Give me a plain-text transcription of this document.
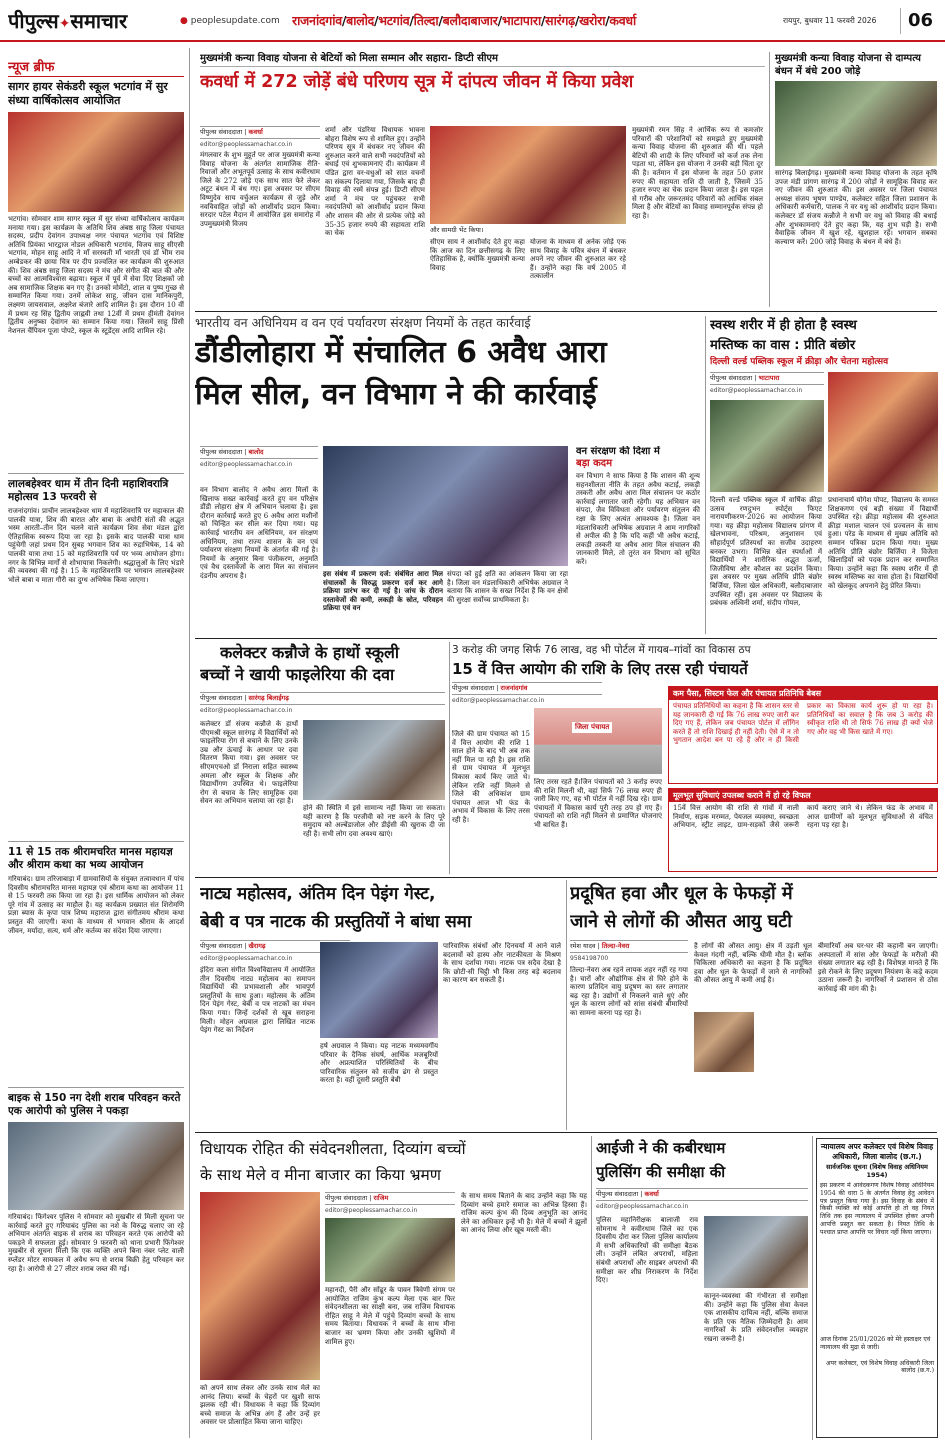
पीपुल्स✦समाचार	● peoplesupdate.com राजनांदगांव/बालोद/भटगांव/तिल्दा/बलौदाबाजार/भाटापारा/सारंगढ़/खरोरा/कवर्धा	रायपुर, बुधवार 11 फरवरी 2026	06
न्यूज ब्रीफ
सागर हायर सेकंडरी स्कूल भटगांव में सुर संध्या वार्षिकोत्सव आयोजित
भटगांव। सोमवार शाम सागर स्कूल में सुर संध्या वार्षिकोत्सव कार्यक्रम मनाया गया। इस कार्यक्रम के अतिथि शिव अंबष्ठ साहू जिला पंचायत सदस्य, प्रदीप देवांगन उपाध्यक्ष नगर पंचायत भटगांव एवं विशिष्ट अतिथि प्रियंका भारद्वाज नोडल अधिकारी भटगांव, विजय साहू सीएसी भटगांव, मोहन साहू आदि ने माँ सरस्वती माँ भारती एवं डॉ भीम राव अम्बेडकर की छाया चित्र पर दीप प्रज्वलित कर कार्यक्रम की शुरुआत की। शिव अंबष्ठ साहू जिला सदस्य ने मंच और संगीत की बात की और बच्चों का आत्मविश्वास बढ़ाया। स्कूल में पूर्व में सेवा दिए शिक्षकों जो अब सामाजिक शिक्षक बन गए है। उनको मोमेंटो, शाल व पुष्प गुच्छ से सम्मानित किया गया। उनमें लोकेश साहू, जीवन दास मानिकपुरी, लक्ष्मण जायसवाल, अक्षरेश बंजारे आदि शामिल है। इस दौरान 10 वीं में प्रथम रह सिंह द्वितीय जाह्नवी तथा 12वीं में प्रथम हीमंती देवांगन द्वितीय अनुष्का देवांगन का सम्मान किया गया। जिसमें साहू प्रिंसी नेशनल चैंपियन पूजा पोपटे, स्कूल के स्टूडेंट्स आदि शामिल रहे।
लालबहेश्वर धाम में तीन दिनी महाशिवरात्रि महोत्सव 13 फरवरी से
राजनांदगांव। प्राचीन लालबहेश्वर धाम में महाशिवरात्रि पर महाकाल की पालकी यात्रा, शिव की बारात और बाबा के अघोरी संतों की अद्भुत भस्म आरती–तीन दिन चलने वाले कार्यक्रम शिव सेवा मंडल द्वारा ऐतिहासिक स्वरूप दिया जा रहा है। इसके बाद पालकी यात्रा धाम पहुंचेगी जहां प्रथम दिन सुबह भगवान शिव का रुद्राभिषेक, 14 को पालकी यात्रा तथा 15 को महाशिवरात्रि पर्व पर भव्य आयोजन होगा। नगर के विभिन्न मार्गों से शोभायात्रा निकलेगी। श्रद्धालुओं के लिए भंडारे की व्यवस्था की गई है। 15 के महाशिवरात्रि पर भगवान लालबहेश्वर भोले बाबा व माता गौरी का दुग्ध अभिषेक किया जाएगा।
11 से 15 तक श्रीरामचरित मानस महायज्ञ और श्रीराम कथा का भव्य आयोजन
गरियाबंद। ग्राम तरिजाबाड़ा में ग्रामवासियों के संयुक्त तत्वावधान में पांच दिवसीय श्रीरामचरित मानस महायज्ञ एवं श्रीराम कथा का आयोजन 11 से 15 फरवरी तक किया जा रहा है। इस धार्मिक आयोजन को लेकर पूरे गांव में उत्साह का माहौल है। यह कार्यक्रम प्रख्यात संत शिरोमणि प्रज्ञा ब्यास के कृपा पात्र शिष्य महाराज द्वारा संगीतमय श्रीराम कथा प्रस्तुत की जाएगी। कथा के माध्यम से भगवान श्रीराम के आदर्श जीवन, मर्यादा, सत्य, धर्म और कर्तव्य का संदेश दिया जाएगा।
बाइक से 150 नग देशी शराब परिवहन करते एक आरोपी को पुलिस ने पकड़ा
गरियाबंद। फिंगेश्वर पुलिस ने सोमवार को मुखबीर से मिली सूचना पर कार्रवाई करते हुए गरियाबंद पुलिस का नशे के विरुद्ध चलाए जा रहे अभियान अंतर्गत बाइक से शराब का परिवहन करते एक आरोपी को पकड़ने में सफलता हुई। सोमवार 9 फरवरी को थाना प्रभारी फिंगेश्वर मुखबीर से सूचना मिली कि एक व्यक्ति अपने बिना नंबर प्लेट वाली स्प्लेंडर मोटर सायकल में अवैध रूप से शराब बिक्री हेतु परिवहन कर रहा है। आरोपी से 27 लीटर शराब जब्त की गई।
मुख्यमंत्री कन्या विवाह योजना से बेटियों को मिला सम्मान और सहारा- डिप्टी सीएम
कवर्धा में 272 जोड़ें बंधे परिणय सूत्र में दांपत्य जीवन में किया प्रवेश
पीपुल्स संवाददाता | कवर्धा
editor@peoplessamachar.co.in
मंगलवार के शुभ मुहूर्त पर आज मुख्यमंत्री कन्या विवाह योजना के अंतर्गत सामाजिक रीति-रिवाजों और अभूतपूर्व उत्साह के साथ कवीरधाम जिले के 272 जोड़े एक साथ सात फेरे लेकर अटूट बंधन में बंध गए। इस अवसर पर सीएम विष्णुदेव साय वर्चुअल कार्यक्रम से जुड़े और नवविवाहित जोड़ों को आशीर्वाद प्रदान किया। सरदार पटेल मैदान में आयोजित इस समारोह में उपमुख्यमंत्री विजय
शर्मा और पंडरिया विधायक भावना बोहरा विशेष रूप से शामिल हुए। उन्होंने परिणय सूत्र में बंधकर नए जीवन की शुरुआत करने वाले सभी नवदंपतियों को बधाई एवं शुभकामनाएं दी। कार्यक्रम में पंडित द्वारा वर-वधुओं को सात वचनों का संकल्प दिलाया गया, जिसके बाद ही विवाह की रस्में संपन्न हुई। डिप्टी सीएम शर्मा ने मंच पर पहुंचकर सभी नवदंपतियों को आशीर्वाद प्रदान किया और शासन की ओर से प्रत्येक जोड़े को 35-35 हजार रुपये की सहायता राशि का चेक	और सामग्री भेंट किया।
सीएम साय ने आशीर्वाद देते हुए कहा कि आज का दिन छत्तीसगढ़ के लिए ऐतिहासिक है, क्योंकि मुख्यमंत्री कन्या विवाह
योजना के माध्यम से अनेक जोड़े एक साथ विवाह के पवित्र बंधन में बंधकर अपने नए जीवन की शुरुआत कर रहे हैं। उन्होंने कहा कि वर्ष 2005 में तत्कालीन
मुख्यमंत्री रमन सिंह ने आर्थिक रूप से कमजोर परिवारों की परेशानियों को समझते हुए मुख्यमंत्री कन्या विवाह योजना की शुरुआत की थी। पहले बेटियों की शादी के लिए परिवारों को कर्ज तक लेना पड़ता था, लेकिन इस योजना ने उनकी बड़ी चिंता दूर की है। वर्तमान में इस योजना के तहत 50 हजार रुपए की सहायता राशि दी जाती है, जिसमें 35 हजार रुपए का चेक प्रदान किया जाता है। इस पहल से गरीब और जरूरतमंद परिवारों को आर्थिक संबल मिला है और बेटियों का विवाह सम्मानपूर्वक संपन्न हो रहा है।
मुख्यमंत्री कन्या विवाह योजना से दाम्पत्य बंधन में बंधे 200 जोड़े
सारंगढ़ बिलाईगढ़। मुख्यमंत्री कन्या विवाह योजना के तहत कृषि उपज मंडी प्रांगण सारंगढ़ में 200 जोड़ों ने सामूहिक विवाह कर नए जीवन की शुरुआत की। इस अवसर पर जिला पंचायत अध्यक्ष संजय भूषण पाण्डेय, कलेक्टर सहित जिला प्रशासन के अधिकारी कर्मचारी, पालक ने वर वधु को आशीर्वाद प्रदान किया। कलेक्टर डॉ संजय कन्नौजे ने सभी वर वधु को विवाह की बधाई और शुभकामनाएं देते हुए कहा कि, यह शुभ घड़ी है। सभी वैवाहिक जीवन में खुश रहें, खुशहाल रहें। भगवान सबका कल्याण करें। 200 जोड़े विवाह के बंधन में बंधे हैं।
भारतीय वन अधिनियम व वन एवं पर्यावरण संरक्षण नियमों के तहत कार्रवाई
डौंडीलोहारा में संचालित 6 अवैध आरा
मिल सील, वन विभाग ने की कार्रवाई
पीपुल्स संवाददाता | बालोद
editor@peoplessamachar.co.in
वन विभाग बालोद ने अवैध आरा मिलों के खिलाफ सख्त कार्रवाई करते हुए वन परिक्षेत्र डौंडी लोहारा क्षेत्र में अभियान चलाया है। इस दौरान कार्रवाई करते हुए 6 अवैध आरा मशीनों को चिन्हित कर सील कर दिया गया। यह कार्रवाई भारतीय वन अधिनियम, वन संरक्षण अधिनियम, तथा राज्य शासन के वन एवं पर्यावरण संरक्षण नियमों के अंतर्गत की गई है। नियमों के अनुसार बिना पंजीकरण, अनुमति एवं वैध दस्तावेजों के आरा मिल का संचालन दंडनीय अपराध है।	इस संबंध में प्रकरण दर्ज: संबंधित आरा मिल संचालकों के विरुद्ध प्रकरण दर्ज कर आगे प्रक्रिया प्रारंभ कर दी गई है। जांच के दौरान दस्तावेजों की कमी, लकड़ी के स्रोत, परिवहन प्रक्रिया एवं वन
संपदा को हुई क्षति का आंकलन किया जा रहा है। जिला वन मंडलाधिकारी अभिषेक अग्रवाल ने बताया कि शासन के सख्त निर्देश हैं कि वन क्षेत्रों की सुरक्षा सर्वोच्च प्राथमिकता है।
वन संरक्षण की दिशा में
बड़ा कदम
वन विभाग ने साफ किया है कि शासन की शून्य सहनशीलता नीति के तहत अवैध कटाई, लकड़ी तस्करी और अवैध आरा मिल संचालन पर कठोर कार्रवाई लगातार जारी रहेगी। यह अभियान वन संपदा, जैव विविधता और पर्यावरण संतुलन की रक्षा के लिए अत्यंत आवश्यक है। जिला वन मंडलाधिकारी अभिषेक अग्रवाल ने आम नागरिकों से अपील की है कि यदि कहीं भी अवैध कटाई, लकड़ी तस्करी या अवैध आरा मिल संचालन की जानकारी मिले, तो तुरंत वन विभाग को सूचित करें।
स्वस्थ शरीर में ही होता है स्वस्थ
मस्तिष्क का वास : प्रीति बंछोर
दिल्ली वर्ल्ड पब्लिक स्कूल में क्रीड़ा और चेतना महोत्सव
पीपुल्स संवाददाता | भाटापारा
editor@peoplessamachar.co.in
दिल्ली वर्ल्ड पब्लिक स्कूल में वार्षिक क्रीड़ा उत्सव रणदुभन स्पोर्ट्स फिएट नारायणीकरण-2026 का आयोजन किया गया। यह क्रीड़ा महोत्सव विद्यालय प्रांगण में खेलभावना, परिश्रम, अनुशासन एवं सौहार्दपूर्ण प्रतिस्पर्धा का सजीव उदाहरण बनकर उभरा। विभिन्न खेल स्पर्धाओं में विद्यार्थियों ने शारीरिक अद्भुत ऊर्जा, जिजीविषा और कौशल का प्रदर्शन किया। इस अवसर पर मुख्य अतिथि प्रीति बंछोर बिर्जिया, जिला खेल अधिकारी, बलौदाबाजार उपस्थित रहीं। इस अवसर पर विद्यालय के प्रबंधक अश्विनी शर्मा, संदीप गोयल,
प्रधानाचार्य योगेश पोपट, विद्यालय के समस्त शिक्षकगण एवं बड़ी संख्या में विद्यार्थी उपस्थित रहे। क्रीड़ा महोत्सव की शुरुआत क्रीड़ा मशाल चालन एवं प्रज्वलन के साथ हुआ। परेड के माध्यम से मुख्य अतिथि को सम्मान पत्रिका प्रदान किया गया। मुख्य अतिथि प्रीति बंछोर बिर्जिया ने विजेता खिलाड़ियों को पदक प्रदान कर सम्मानित किया। उन्होंने कहा कि स्वस्थ शरीर में ही स्वस्थ मस्तिष्क का वास होता है। विद्यार्थियों को खेलकूद अपनाने हेतु प्रेरित किया।
कलेक्टर कन्नौजे के हाथों स्कूली
बच्चों ने खायी फाइलेरिया की दवा
पीपुल्स संवाददाता | सारंगढ़ बिलाईगढ़
editor@peoplessamachar.co.in
कलेक्टर डॉ संजय कन्नौजे के हाथों पीएमश्री स्कूल सारंगढ़ में विद्यार्थियों को फाइलेरिया रोग से बचाने के लिए उनके उम्र और ऊंचाई के आधार पर दवा वितरण किया गया। इस अवसर पर सीएमएचओ डॉ निराला सहित स्वास्थ्य अमला और स्कूल के शिक्षक और विद्यार्थीगण उपस्थित थे। फाइलेरिया रोग से बचाव के लिए सामूहिक दवा सेवन का अभियान चलाया जा रहा है।
होने की स्थिति में इसे सामान्य नहीं किया जा सकता। यही कारण है कि परजीवी को नष्ट करने के लिए पूरे समुदाय को अल्बेंडाजोल और डीईसी की खुराक दी जा रही है। सभी लोग दवा अवश्य खाएं।
3 करोड़ की जगह सिर्फ 76 लाख, वह भी पोर्टल में गायब–गांवों का विकास ठप
15 वें वित्त आयोग की राशि के लिए तरस रही पंचायतें
पीपुल्स संवाददाता | राजनांदगांव
editor@peoplessamachar.co.in
जिले की ग्राम पंचायत को 15 वें वित्त आयोग की राशि 1 साल होने के बाद भी अब तक नहीं मिल पा रही है। इस राशि से ग्राम पंचायत में मूलभूत विकास कार्य किए जाते थे। लेकिन राशि नहीं मिलने से जिले की अधिकांश ग्राम पंचायत आज भी फंड के अभाव में विकास के लिए तरस रही है।
जिला पंचायत
लिए तरस रहते हैं।जिन पंचायतों को 3 करोड़ रुपए की राशि मिलनी थी, वहां सिर्फ 76 लाख रुपए ही जारी किए गए, वह भी पोर्टल में नहीं दिख रहे। ग्राम पंचायतों में विकास कार्य पूरी तरह ठप हो गए हैं। पंचायतों को राशि नहीं मिलने से प्रमाणित योजनाएं भी बाधित हैं।
कम पैसा, सिस्टम फेल और पंचायत प्रतिनिधि बेबस
पंचायत प्रतिनिधियों का कहना है कि शासन स्तर से यह जानकारी दी गई कि 76 लाख रुपए जारी कर दिए गए हैं, लेकिन जब पंचायत पोर्टल में लॉगिन करते हैं तो राशि दिखाई ही नहीं देती। ऐसे में न तो भुगतान आदेश बन पा रहे हैं और न ही किसी प्रकार का विकास कार्य शुरू हो पा रहा है। प्रतिनिधियों का सवाल है कि जब 3 करोड़ की स्वीकृत राशि थी तो सिर्फ 76 लाख ही क्यों भेजे गए और वह भी किस खाते में गए।
मूलभूत सुविधाएं उपलब्ध कराने में हो रहे विफल
15वें वित्त आयोग की राशि से गांवों में नाली निर्माण, सड़क मरम्मत, पेयजल व्यवस्था, स्वच्छता अभियान, स्ट्रीट लाइट, ग्राम-सड़कों जैसे जरूरी कार्य कराए जाने थे। लेकिन फंड के अभाव में आज ग्रामीणों को मूलभूत सुविधाओं से वंचित रहना पड़ रहा है।
नाट्य महोत्सव, अंतिम दिन पेइंग गेस्ट,
बेबी व पत्र नाटक की प्रस्तुतियों ने बांधा समा
पीपुल्स संवाददाता | खैरागढ़
editor@peoplessamachar.co.in
इंदिरा कला संगीत विश्वविद्यालय में आयोजित तीन दिवसीय नाट्य महोत्सव का समापन विद्यार्थियों की प्रभावशाली और भावपूर्ण प्रस्तुतियों के साथ हुआ। महोत्सव के अंतिम दिन पेइंग गेस्ट, बेबी व पत्र नाटकों का मंचन किया गया। जिन्हें दर्शकों से खूब सराहना मिली। मोहन अग्रवाल द्वारा लिखित नाटक पेइंग गेस्ट का निर्देशन
हर्ष अग्रवाल ने किया। यह नाटक मध्यमवर्गीय परिवार के दैनिक संघर्ष, आर्थिक मजबूरियों और अप्रत्याशित परिस्थितियों के बीच पारिवारिक संतुलन को सजीव ढंग से प्रस्तुत करता है। वहीं दूसरी प्रस्तुति बेबी
पारिवारिक संबंधों और दिनचर्या में आने वाले बदलावों को हास्य और नाटकीयता के मिश्रण के साथ दर्शाया गया। नाटक पत्र सदैव देखा है कि छोटी-सी चिट्ठी भी किस तरह बड़े बदलाव का कारण बन सकती है।
प्रदूषित हवा और धूल के फेफड़ों में
जाने से लोगों की औसत आयु घटी
रमेश यादव | तिल्दा-नेवरा
9584198700
तिल्दा-नेवरा अब रहने लायक शहर नहीं रह गया है। चारों और औद्योगिक क्षेत्र से घिरे होने के कारण प्रतिदिन वायु प्रदूषण का स्तर लगातार बढ़ रहा है। उद्योगों से निकलने वाले धुएं और धूल के कारण लोगों को सांस संबंधी बीमारियों का सामना करना पड़ रहा है।
है लोगों की औसत आयु। क्षेत्र में उड़ती धूल केवल गंदगी नहीं, बल्कि धीमी मौत है। ब्लॉक चिकित्सा अधिकारी का कहना है कि प्रदूषित हवा और धूल के फेफड़ों में जाने से नागरिकों की औसत आयु में कमी आई है।
बीमारियाँ अब घर-घर की कहानी बन जाएगी। अस्पतालों में सांस और फेफड़ों के मरीजों की संख्या लगातार बढ़ रही है। विशेषज्ञ मानते हैं कि इसे रोकने के लिए प्रदूषण नियंत्रण के कड़े कदम उठाना जरूरी है। नागरिकों ने प्रशासन से ठोस कार्रवाई की मांग की है।
विधायक रोहित की संवेदनशीलता, दिव्यांग बच्चों
के साथ मेले व मीना बाजार का किया भ्रमण
पीपुल्स संवाददाता | राजिम
editor@peoplessamachar.co.in
महानदी, पैरी और सोंढूर के पावन त्रिवेणी संगम पर आयोजित राजिम कुंभ कल्प मेला एक बार फिर संवेदनशीलता का साक्षी बना, जब राजिम विधायक रोहित साहू ने मेले में पहुंचे दिव्यांग बच्चों के साथ समय बिताया। विधायक ने बच्चों के साथ मीना बाजार का भ्रमण किया और उनकी खुशियों में शामिल हुए।
को अपने साथ लेकर और उनके साथ मेले का आनंद लिया। बच्चों के चेहरों पर खुशी साफ झलक रही थी। विधायक ने कहा कि दिव्यांग बच्चे समाज के अभिन्न अंग हैं और उन्हें हर अवसर पर प्रोत्साहित किया जाना चाहिए।
के साथ समय बिताने के बाद उन्होंने कहा कि यह दिव्यांग बच्चे हमारे समाज का अभिन्न हिस्सा हैं। राजिम कल्प कुंभ की दिव्य अनुभूति का आनंद लेने का अधिकार इन्हें भी है। मेले में बच्चों ने झूलों का आनंद लिया और खूब मस्ती की।
आईजी ने की कबीरधाम
पुलिसिंग की समीक्षा की
पीपुल्स संवाददाता | कवर्धा
editor@peoplessamachar.co.in
पुलिस महानिरीक्षक बालाजी राव सोमनाथ ने कवीरधाम जिले का एक दिवसीय दौरा कर जिला पुलिस कार्यालय में सभी अधिकारियों की समीक्षा बैठक ली। उन्होंने लंबित अपराधों, महिला संबंधी अपराधों और साइबर अपराधों की समीक्षा कर शीघ्र निराकरण के निर्देश दिए।
कानून-व्यवस्था की गंभीरता से समीक्षा की। उन्होंने कहा कि पुलिस सेवा केवल एक शासकीय दायित्व नहीं, बल्कि समाज के प्रति एक नैतिक जिम्मेदारी है। आम नागरिकों के प्रति संवेदनशील व्यवहार रखना जरूरी है।
न्यायालय अपर कलेक्टर एवं विशेष विवाह अधिकारी, जिला बालोद (छ.ग.)
सार्वजनिक सूचना (विशेष विवाह अधिनियम 1954)
इस प्रकरण में आवेदकगण विशेष विवाह अधिनियम 1954 की धारा 5 के अंतर्गत विवाह हेतु आवेदन पत्र प्रस्तुत किया गया है। इस विवाह के संबंध में किसी व्यक्ति को कोई आपत्ति हो तो वह नियत तिथि तक इस न्यायालय में उपस्थित होकर अपनी आपत्ति प्रस्तुत कर सकता है। नियत तिथि के पश्चात प्राप्त आपत्ति पर विचार नहीं किया जाएगा।
आज दिनांक 25/01/2026 को मेरे हस्ताक्षर एवं न्यायालय की मुद्रा से जारी।
अपर कलेक्टर, एवं विशेष विवाह अधिकारी जिला बालोद (छ.ग.)
